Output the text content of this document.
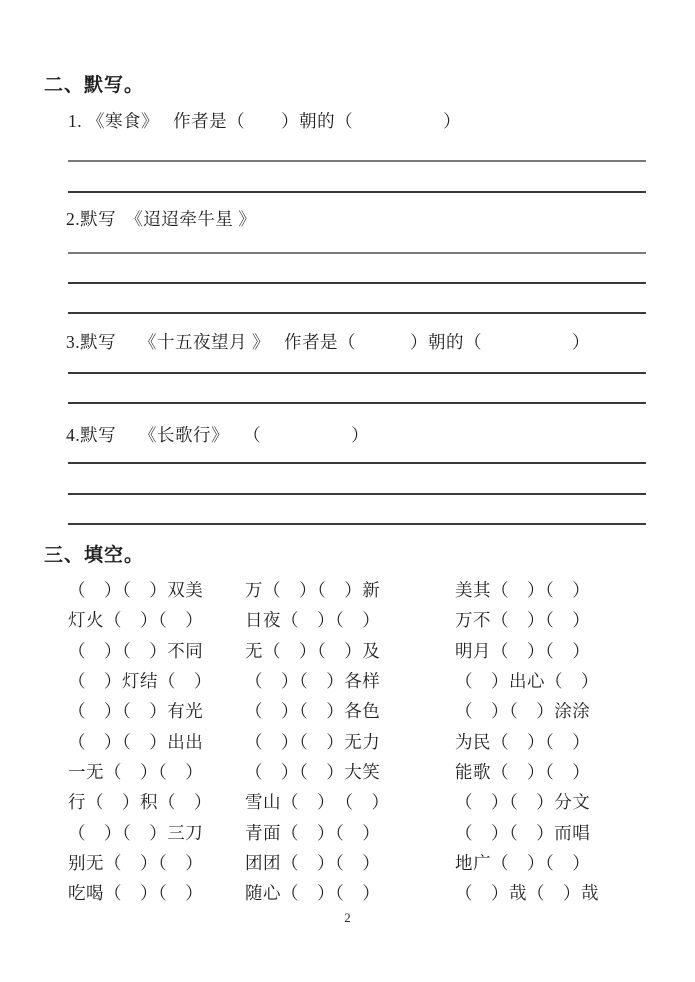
二、默写。
1. 《寒食》　 作者是（　　）朝的（　　　　　）
2.默写　《迢迢牵牛星 》
3.默写　 《十五夜望月 》　 作者是（　　　）朝的（　　　　　）
4.默写　 《长歌行》　 （　　　　　）
三、填空。
（　）（　）双美 万（　）（　）新	美其（　）（　）
灯火（　）（　） 日夜（　）（　）	万不（　）（　）
（　）（　）不同 无（　）（　）及	明月（　）（　）
（　）灯结（　） （　）（　）各样	（　）出心（　）
（　）（　）有光 （　）（　）各色	（　）（　）涂涂
（　）（　）出出 （　）（　）无力	为民（　）（　）
一无（　）（　） （　）（　）大笑	能歌（　）（　）
行（　）积（　） 雪山（　）　（　）	（　）（　）分文
（　）（　）三刀 青面（　）（　）	（　）（　）而唱
别无（　）（　） 团团（　）（　）	地广（　）（　）
吃喝（　）（　） 随心（　）（　）	（　）哉（　）哉
2
